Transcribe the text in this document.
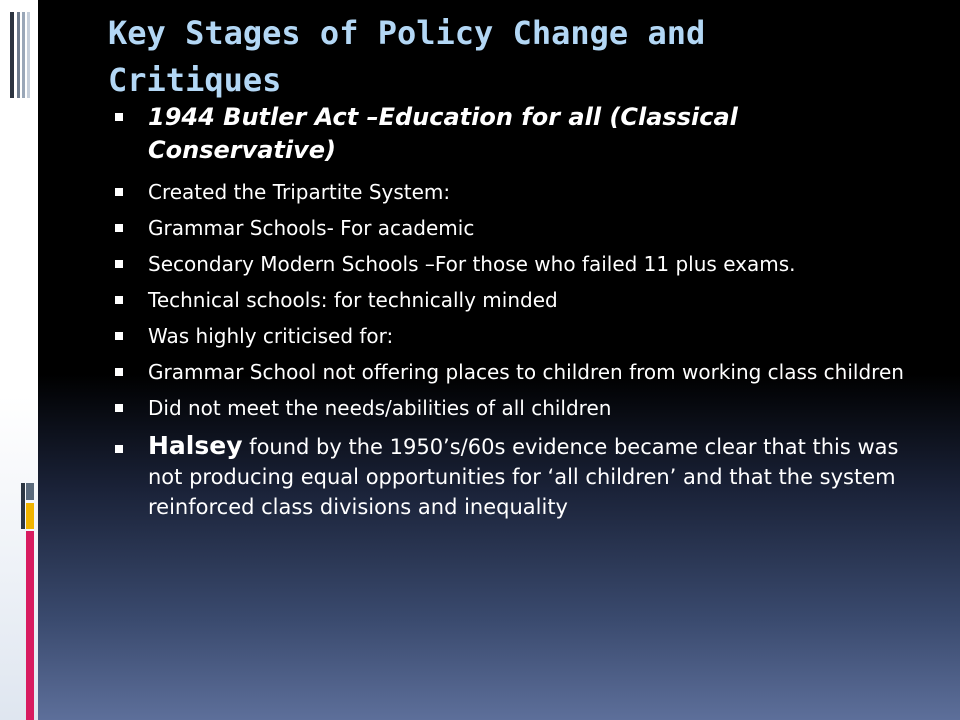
Key Stages of Policy Change and Critiques
1944 Butler Act –Education for all (Classical Conservative)
Created the Tripartite System:
Grammar Schools- For academic
Secondary Modern Schools –For those who failed 11 plus exams.
Technical schools: for technically minded
Was highly criticised for:
Grammar School not offering places to children from working class children
Did not meet the needs/abilities of all children
Halsey found by the 1950’s/60s evidence became clear that this was not producing equal opportunities for ‘all children’ and that the system reinforced class divisions and inequality
